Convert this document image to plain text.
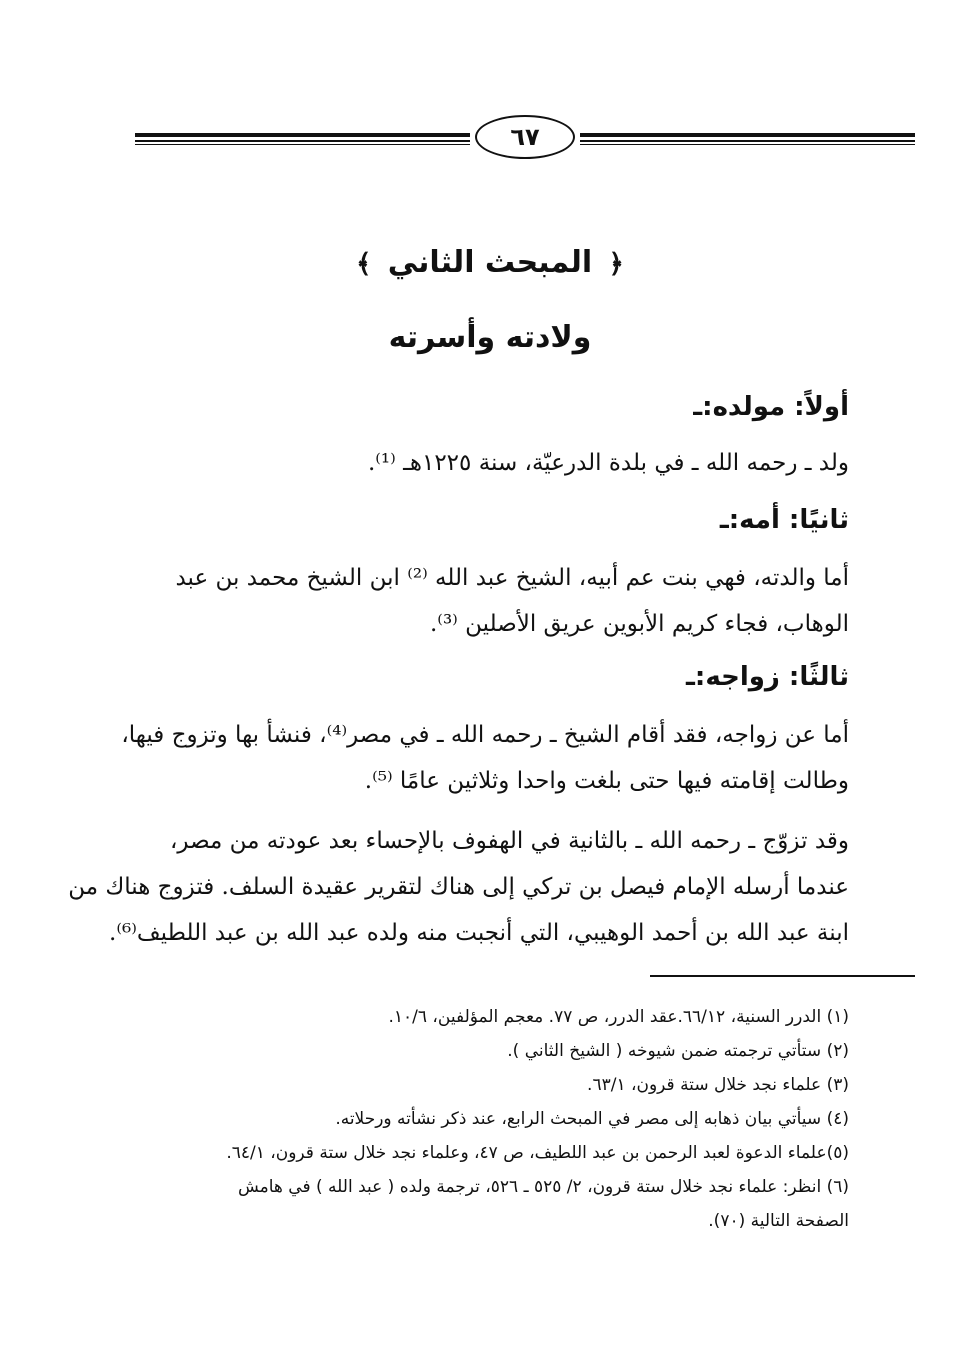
٦٧
﴿ المبحث الثاني ﴾
ولادته وأسرته
أولاً: مولده:ـ
ولد ـ رحمه الله ـ في بلدة الدرعيّة، سنة ١٢٢٥هـ ⁽¹⁾.
ثانيًا: أمه:ـ
أما والدته، فهي بنت عم أبيه، الشيخ عبد الله ⁽²⁾ ابن الشيخ محمد بن عبد
الوهاب، فجاء كريم الأبوين عريق الأصلين ⁽³⁾.
ثالثًا: زواجه:ـ
أما عن زواجه، فقد أقام الشيخ ـ رحمه الله ـ في مصر⁽⁴⁾، فنشأ بها وتزوج فيها،
وطالت إقامته فيها حتى بلغت واحدا وثلاثين عامًا ⁽⁵⁾.
وقد تزوّج ـ رحمه الله ـ بالثانية في الهفوف بالإحساء بعد عودته من مصر،
عندما أرسله الإمام فيصل بن تركي إلى هناك لتقرير عقيدة السلف. فتزوج هناك من
ابنة عبد الله بن أحمد الوهيبي، التي أنجبت منه ولده عبد الله بن عبد اللطيف⁽⁶⁾.
(١) الدرر السنية، ٦٦/١٢.عقد الدرر، ص ٧٧. معجم المؤلفين، ١٠/٦.
(٢) ستأتي ترجمته ضمن شيوخه ( الشيخ الثاني ).
(٣) علماء نجد خلال ستة قرون، ٦٣/١.
(٤) سيأتي بيان ذهابه إلى مصر في المبحث الرابع، عند ذكر نشأته ورحلاته.
(٥)علماء الدعوة لعبد الرحمن بن عبد اللطيف، ص ٤٧، وعلماء نجد خلال ستة قرون، ٦٤/١.
(٦) انظر: علماء نجد خلال ستة قرون، ٢/ ٥٢٥ ـ ٥٢٦، ترجمة ولده ( عبد الله ) في هامش
الصفحة التالية (٧٠).
